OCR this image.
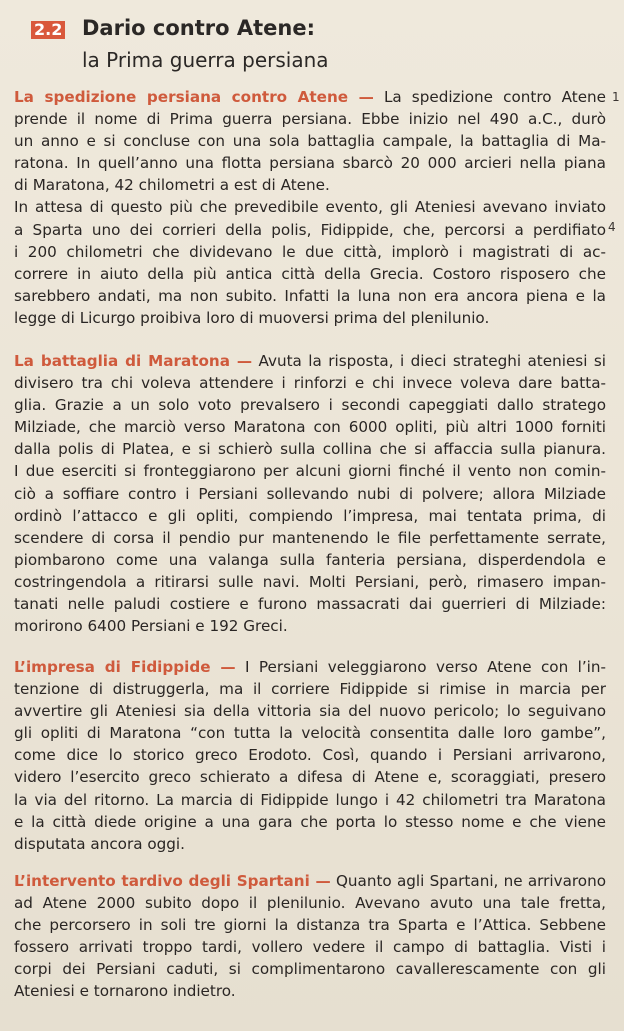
2.2 Dario contro Atene:
la Prima guerra persiana
La spedizione persiana contro Atene — La spedizione contro Atene
prende il nome di Prima guerra persiana. Ebbe inizio nel 490 a.C., durò
un anno e si concluse con una sola battaglia campale, la battaglia di Ma-
ratona. In quell’anno una flotta persiana sbarcò 20 000 arcieri nella piana
di Maratona, 42 chilometri a est di Atene.
In attesa di questo più che prevedibile evento, gli Ateniesi avevano inviato
a Sparta uno dei corrieri della polis, Fidippide, che, percorsi a perdifiato
i 200 chilometri che dividevano le due città, implorò i magistrati di ac-
correre in aiuto della più antica città della Grecia. Costoro risposero che
sarebbero andati, ma non subito. Infatti la luna non era ancora piena e la
legge di Licurgo proibiva loro di muoversi prima del plenilunio.
La battaglia di Maratona — Avuta la risposta, i dieci strateghi ateniesi si
divisero tra chi voleva attendere i rinforzi e chi invece voleva dare batta-
glia. Grazie a un solo voto prevalsero i secondi capeggiati dallo stratego
Milziade, che marciò verso Maratona con 6000 opliti, più altri 1000 forniti
dalla polis di Platea, e si schierò sulla collina che si affaccia sulla pianura.
I due eserciti si fronteggiarono per alcuni giorni finché il vento non comin-
ciò a soffiare contro i Persiani sollevando nubi di polvere; allora Milziade
ordinò l’attacco e gli opliti, compiendo l’impresa, mai tentata prima, di
scendere di corsa il pendio pur mantenendo le file perfettamente serrate,
piombarono come una valanga sulla fanteria persiana, disperdendola e
costringendola a ritirarsi sulle navi. Molti Persiani, però, rimasero impan-
tanati nelle paludi costiere e furono massacrati dai guerrieri di Milziade:
morirono 6400 Persiani e 192 Greci.
L’impresa di Fidippide — I Persiani veleggiarono verso Atene con l’in-
tenzione di distruggerla, ma il corriere Fidippide si rimise in marcia per
avvertire gli Ateniesi sia della vittoria sia del nuovo pericolo; lo seguivano
gli opliti di Maratona “con tutta la velocità consentita dalle loro gambe”,
come dice lo storico greco Erodoto. Così, quando i Persiani arrivarono,
videro l’esercito greco schierato a difesa di Atene e, scoraggiati, presero
la via del ritorno. La marcia di Fidippide lungo i 42 chilometri tra Maratona
e la città diede origine a una gara che porta lo stesso nome e che viene
disputata ancora oggi.
L’intervento tardivo degli Spartani — Quanto agli Spartani, ne arrivarono
ad Atene 2000 subito dopo il plenilunio. Avevano avuto una tale fretta,
che percorsero in soli tre giorni la distanza tra Sparta e l’Attica. Sebbene
fossero arrivati troppo tardi, vollero vedere il campo di battaglia. Visti i
corpi dei Persiani caduti, si complimentarono cavallerescamente con gli
Ateniesi e tornarono indietro.
1
4
